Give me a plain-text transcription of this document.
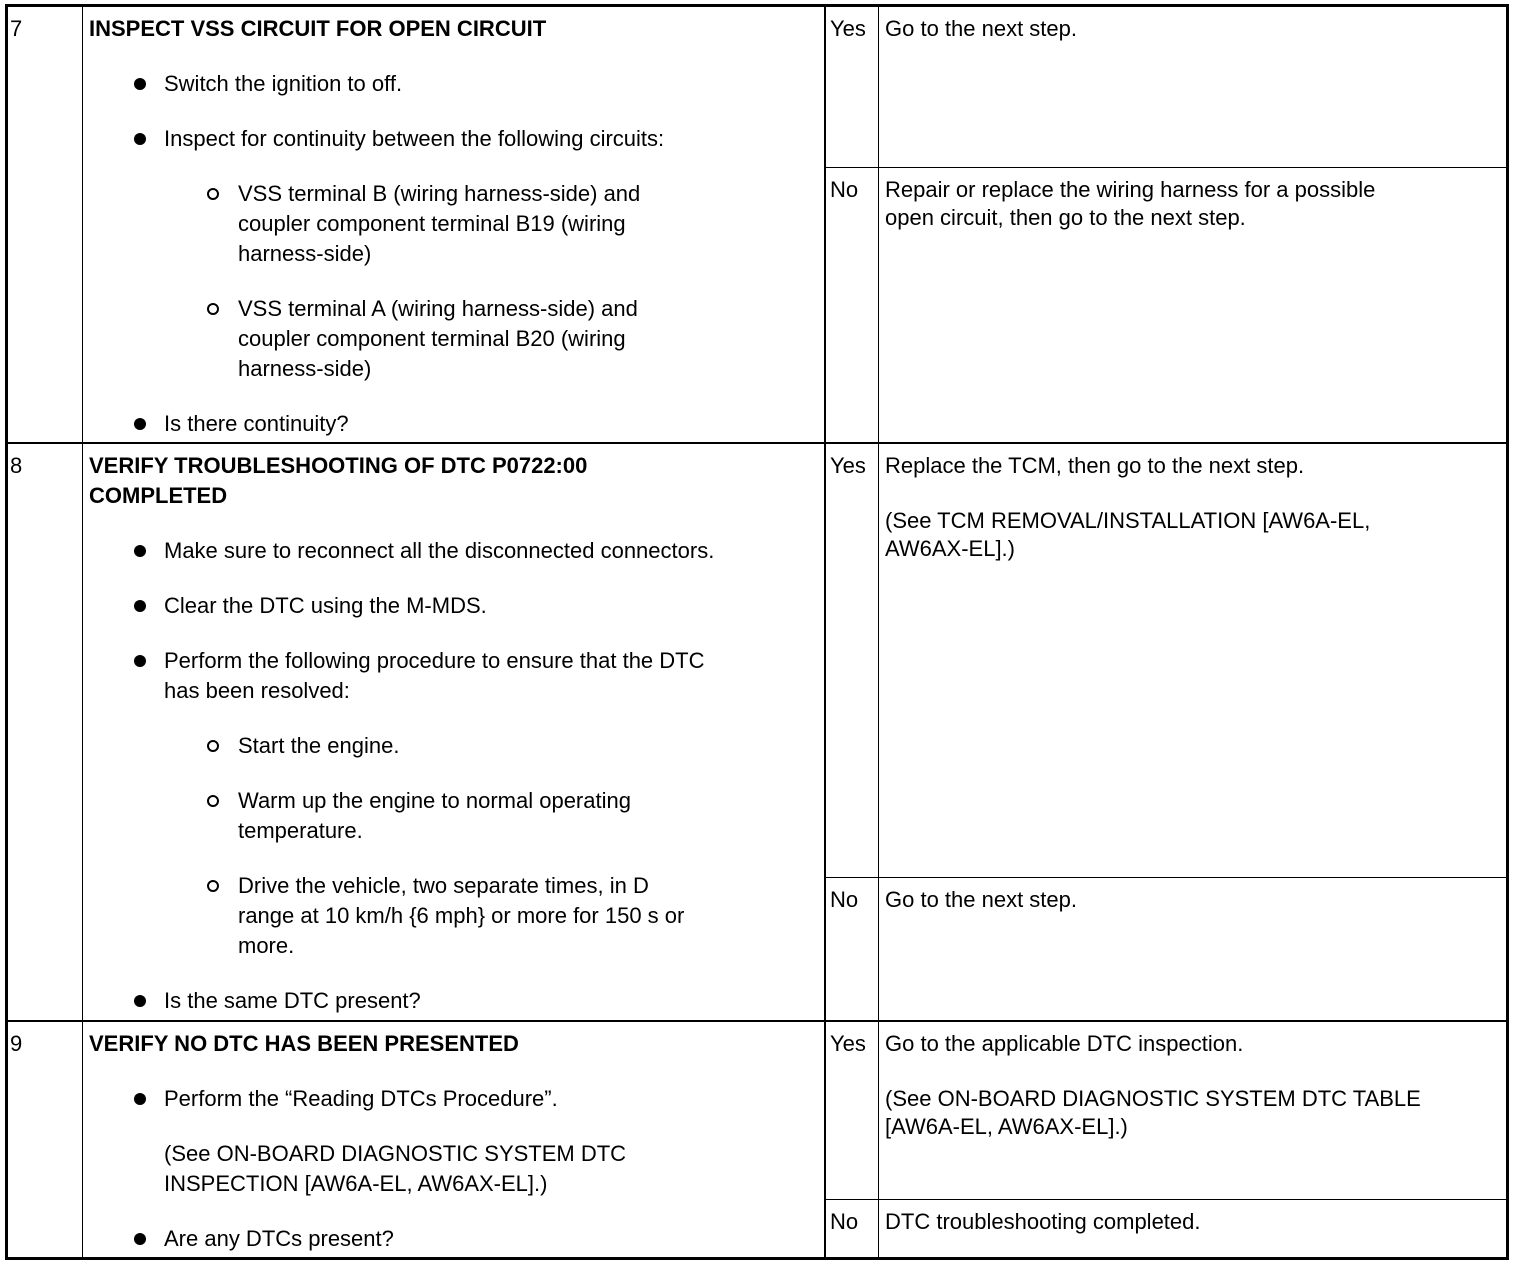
7	INSPECT VSS CIRCUIT FOR OPEN CIRCUIT
Switch the ignition to off.
Inspect for continuity between the following circuits:
VSS terminal B (wiring harness-side) and
coupler component terminal B19 (wiring
harness-side)
VSS terminal A (wiring harness-side) and
coupler component terminal B20 (wiring
harness-side)
Is there continuity?
Yes Go to the next step.
No Repair or replace the wiring harness for a possible
open circuit, then go to the next step.
8	VERIFY TROUBLESHOOTING OF DTC P0722:00
COMPLETED
Make sure to reconnect all the disconnected connectors.
Clear the DTC using the M-MDS.
Perform the following procedure to ensure that the DTC
has been resolved:
Start the engine.
Warm up the engine to normal operating
temperature.
Drive the vehicle, two separate times, in D
range at 10 km/h {6 mph} or more for 150 s or
more.
Is the same DTC present?
Yes Replace the TCM, then go to the next step.
(See TCM REMOVAL/INSTALLATION [AW6A-EL,
AW6AX-EL].)
No Go to the next step.
9	VERIFY NO DTC HAS BEEN PRESENTED
Perform the “Reading DTCs Procedure”.
(See ON-BOARD DIAGNOSTIC SYSTEM DTC
INSPECTION [AW6A-EL, AW6AX-EL].)
Are any DTCs present?
Yes Go to the applicable DTC inspection.
(See ON-BOARD DIAGNOSTIC SYSTEM DTC TABLE
[AW6A-EL, AW6AX-EL].)
No DTC troubleshooting completed.
